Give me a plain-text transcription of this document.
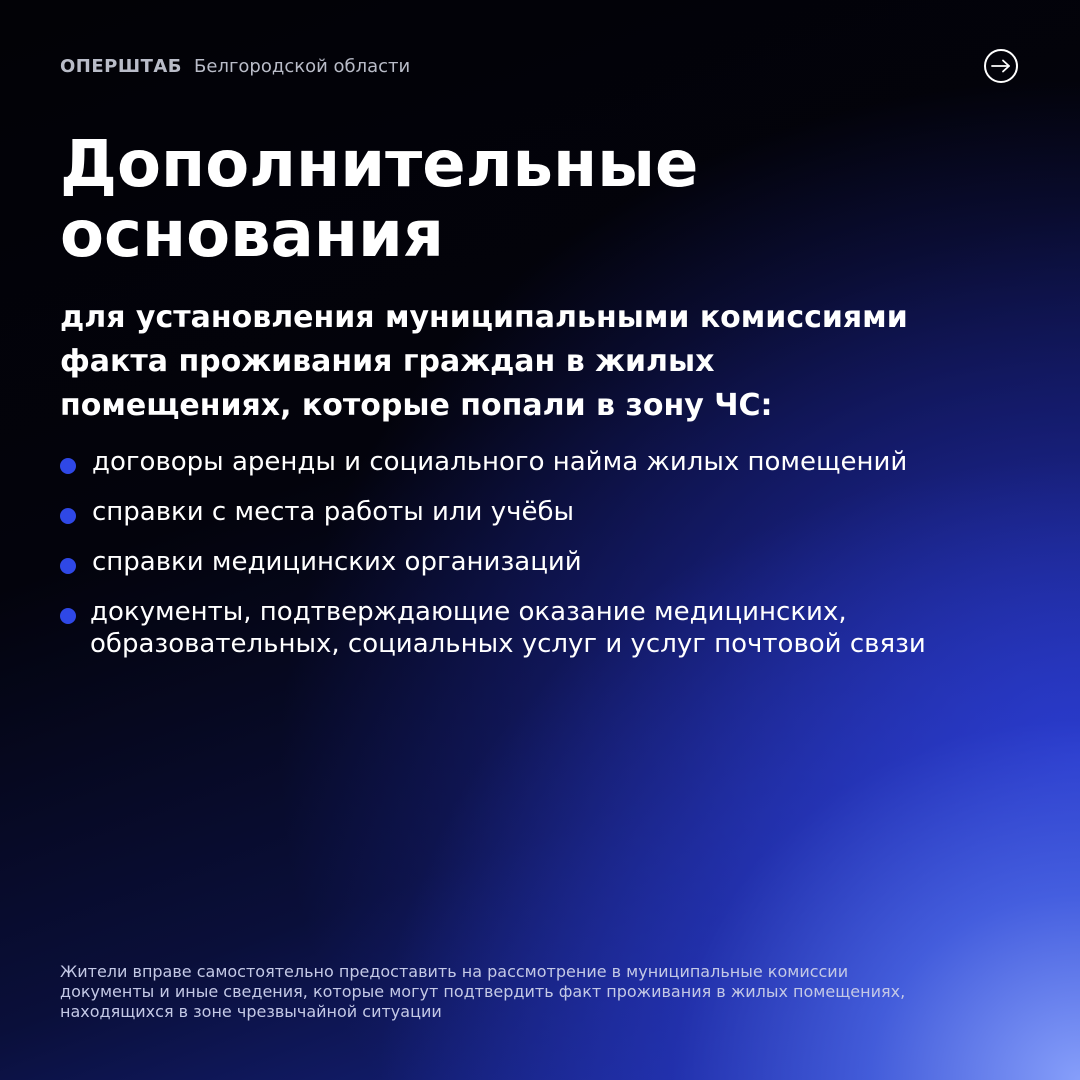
ОПЕРШТАБ Белгородской области
Дополнительные
основания

для установления муниципальными комиссиями
факта проживания граждан в жилых
помещениях, которые попали в зону ЧС:

договоры аренды и социального найма жилых помещений
справки с места работы или учёбы
справки медицинских организаций
документы, подтверждающие оказание медицинских,
образовательных, социальных услуг и услуг почтовой связи

Жители вправе самостоятельно предоставить на рассмотрение в муниципальные комиссии
документы и иные сведения, которые могут подтвердить факт проживания в жилых помещениях,
находящихся в зоне чрезвычайной ситуации
